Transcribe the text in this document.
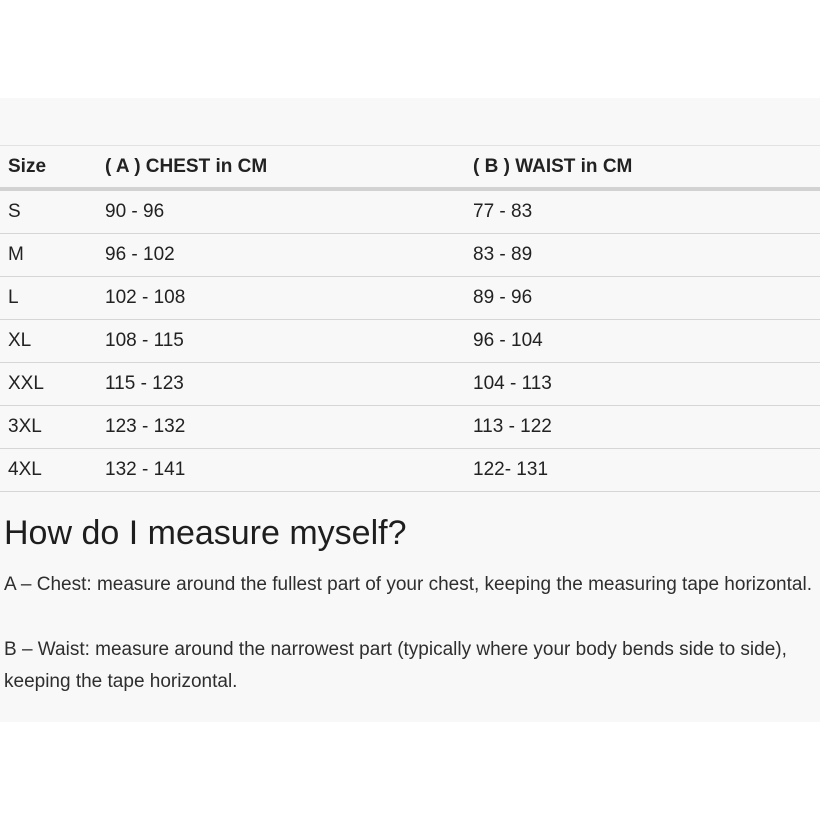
Size	( A ) CHEST in CM	( B ) WAIST in CM
S	90 - 96	77 - 83
M	96 - 102	83 - 89
L	102 - 108	89 - 96
XL	108 - 115	96 - 104
XXL	115 - 123	104 - 113
3XL	123 - 132	113 - 122
4XL	132 - 141	122- 131
How do I measure myself?

A – Chest: measure around the fullest part of your chest, keeping the measuring tape horizontal.

B – Waist: measure around the narrowest part (typically where your body bends side to side), keeping the tape horizontal.
